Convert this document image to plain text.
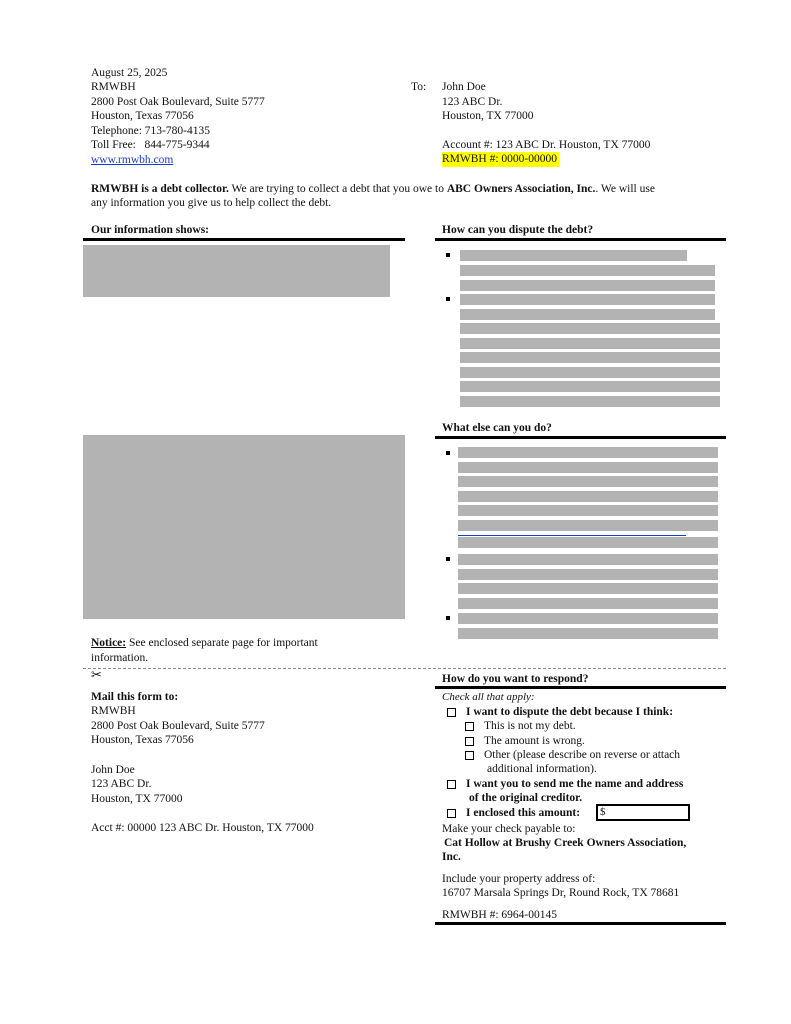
August 25, 2025
RMWBH
2800 Post Oak Boulevard, Suite 5777
Houston, Texas 77056
Telephone: 713-780-4135
Toll Free: 844-775-9344
www.rmwbh.com
To: John Doe
123 ABC Dr.
Houston, TX 77000
Account #: 123 ABC Dr. Houston, TX 77000
RMWBH #: 0000-00000
RMWBH is a debt collector. We are trying to collect a debt that you owe to ABC Owners Association, Inc.. We will use
any information you give us to help collect the debt.
Our information shows:	How can you dispute the debt?
What else can you do?
Notice: See enclosed separate page for important
information.
✂
Mail this form to:
RMWBH
2800 Post Oak Boulevard, Suite 5777
Houston, Texas 77056
John Doe
123 ABC Dr.
Houston, TX 77000
Acct #: 00000 123 ABC Dr. Houston, TX 77000
How do you want to respond?
Check all that apply:
I want to dispute the debt because I think:
This is not my debt.
The amount is wrong.
Other (please describe on reverse or attach
additional information).
I want you to send me the name and address
of the original creditor.
I enclosed this amount:	$
Make your check payable to:
Cat Hollow at Brushy Creek Owners Association,
Inc.
Include your property address of:
16707 Marsala Springs Dr, Round Rock, TX 78681
RMWBH #: 6964-00145
